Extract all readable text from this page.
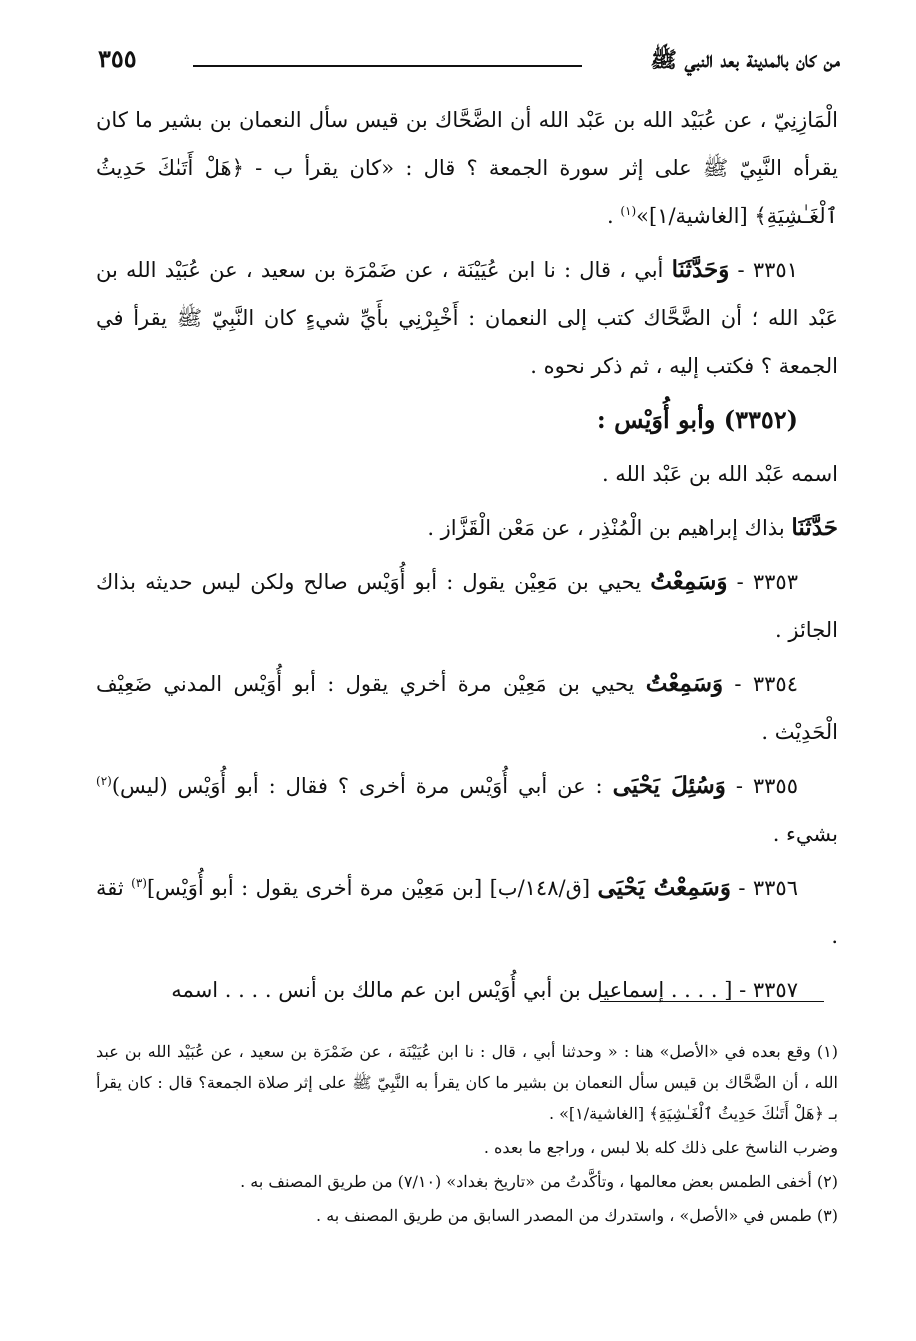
من كان بالمدينة بعد النبي ﷺ
٣٥٥

الْمَازِنِيّ ، عن عُبَيْد الله بن عَبْد الله أن الضَّحَّاك بن قيس سأل النعمان بن بشير ما كان يقرأه النَّبِيّ ﷺ على إثر سورة الجمعة ؟ قال : «كان يقرأ ب - ﴿هَلْ أَتَىٰكَ حَدِيثُ ٱلْغَـٰشِيَةِ﴾ [الغاشية/١]»$^{(١)}$ .

٣٣٥١ - وَحَدَّثَنَا أبي ، قال : نا ابن عُيَيْنَة ، عن ضَمْرَة بن سعيد ، عن عُبَيْد الله بن عَبْد الله ؛ أن الضَّحَّاك كتب إلى النعمان : أَخْبِرْنِي بأَيِّ شيءٍ كان النَّبِيّ ﷺ يقرأ في الجمعة ؟ فكتب إليه ، ثم ذكر نحوه .

(٣٣٥٢) وأبو أُوَيْس :

اسمه عَبْد الله بن عَبْد الله .

حَدَّثَنَا بذاك إبراهيم بن الْمُنْذِر ، عن مَعْن الْقَزَّاز .

٣٣٥٣ - وَسَمِعْتُ يحيي بن مَعِيْن يقول : أبو أُوَيْس صالح ولكن ليس حديثه بذاك الجائز .

٣٣٥٤ - وَسَمِعْتُ يحيي بن مَعِيْن مرة أخري يقول : أبو أُوَيْس المدني ضَعِيْف الْحَدِيْث .

٣٣٥٥ - وَسُئِلَ يَحْيَى : عن أبي أُوَيْس مرة أخرى ؟ فقال : أبو أُوَيْس (ليس)$^{(٢)}$ بشيء .

٣٣٥٦ - وَسَمِعْتُ يَحْيَى [ق/١٤٨/ب] [بن مَعِيْن مرة أخرى يقول : أبو أُوَيْس]$^{(٣)}$ ثقة .

٣٣٥٧ - [ . . . . إسماعيل بن أبي أُوَيْس ابن عم مالك بن أنس . . . . اسمه

(١) وقع بعده في «الأصل» هنا : « وحدثنا أبي ، قال : نا ابن عُيَيْنَة ، عن ضَمْرَة بن سعيد ، عن عُبَيْد الله بن عبد الله ، أن الضَّحَّاك بن قيس سأل النعمان بن بشير ما كان يقرأ به النَّبِيّ ﷺ على إثر صلاة الجمعة؟ قال : كان يقرأ بـ ﴿هَلْ أَتَىٰكَ حَدِيثُ ٱلْغَـٰشِيَةِ﴾ [الغاشية/١]» .

وضرب الناسخ على ذلك كله بلا لبس ، وراجع ما بعده .

(٢) أخفى الطمس بعض معالمها ، وتأكَّدتُ من «تاريخ بغداد» (٧/١٠) من طريق المصنف به .

(٣) طمس في «الأصل» ، واستدرك من المصدر السابق من طريق المصنف به .
